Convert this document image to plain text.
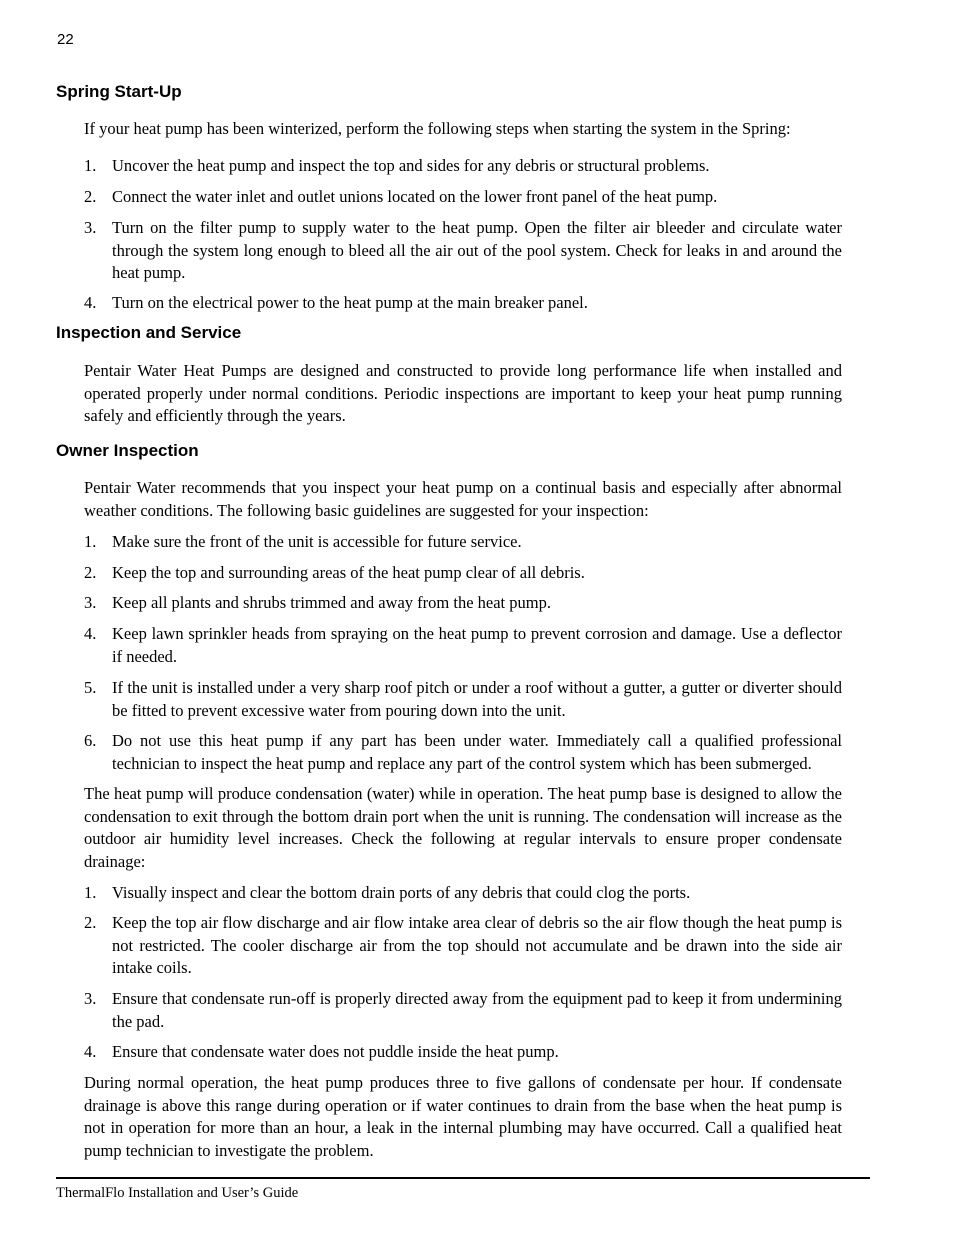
22
Spring Start-Up
If your heat pump has been winterized, perform the following steps when starting the system in the Spring:
1. Uncover the heat pump and inspect the top and sides for any debris or structural problems.
2. Connect the water inlet and outlet unions located on the lower front panel of the heat pump.
3. Turn on the filter pump to supply water to the heat pump. Open the filter air bleeder and circulate water through the system long enough to bleed all the air out of the pool system. Check for leaks in and around the heat pump.
4. Turn on the electrical power to the heat pump at the main breaker panel.
Inspection and Service
Pentair Water Heat Pumps are designed and constructed to provide long performance life when installed and operated properly under normal conditions. Periodic inspections are important to keep your heat pump running safely and efficiently through the years.
Owner Inspection
Pentair Water recommends that you inspect your heat pump on a continual basis and especially after abnormal weather conditions. The following basic guidelines are suggested for your inspection:
1. Make sure the front of the unit is accessible for future service.
2. Keep the top and surrounding areas of the heat pump clear of all debris.
3. Keep all plants and shrubs trimmed and away from the heat pump.
4. Keep lawn sprinkler heads from spraying on the heat pump to prevent corrosion and damage. Use a deflector if needed.
5. If the unit is installed under a very sharp roof pitch or under a roof without a gutter, a gutter or diverter should be fitted to prevent excessive water from pouring down into the unit.
6. Do not use this heat pump if any part has been under water. Immediately call a qualified professional technician to inspect the heat pump and replace any part of the control system which has been submerged.
The heat pump will produce condensation (water) while in operation. The heat pump base is designed to allow the condensation to exit through the bottom drain port when the unit is running. The condensation will increase as the outdoor air humidity level increases. Check the following at regular intervals to ensure proper condensate drainage:
1. Visually inspect and clear the bottom drain ports of any debris that could clog the ports.
2. Keep the top air flow discharge and air flow intake area clear of debris so the air flow though the heat pump is not restricted. The cooler discharge air from the top should not accumulate and be drawn into the side air intake coils.
3. Ensure that condensate run-off is properly directed away from the equipment pad to keep it from undermining the pad.
4. Ensure that condensate water does not puddle inside the heat pump.
During normal operation, the heat pump produces three to five gallons of condensate per hour. If condensate drainage is above this range during operation or if water continues to drain from the base when the heat pump is not in operation for more than an hour, a leak in the internal plumbing may have occurred. Call a qualified heat pump technician to investigate the problem.
ThermalFlo Installation and User’s Guide
